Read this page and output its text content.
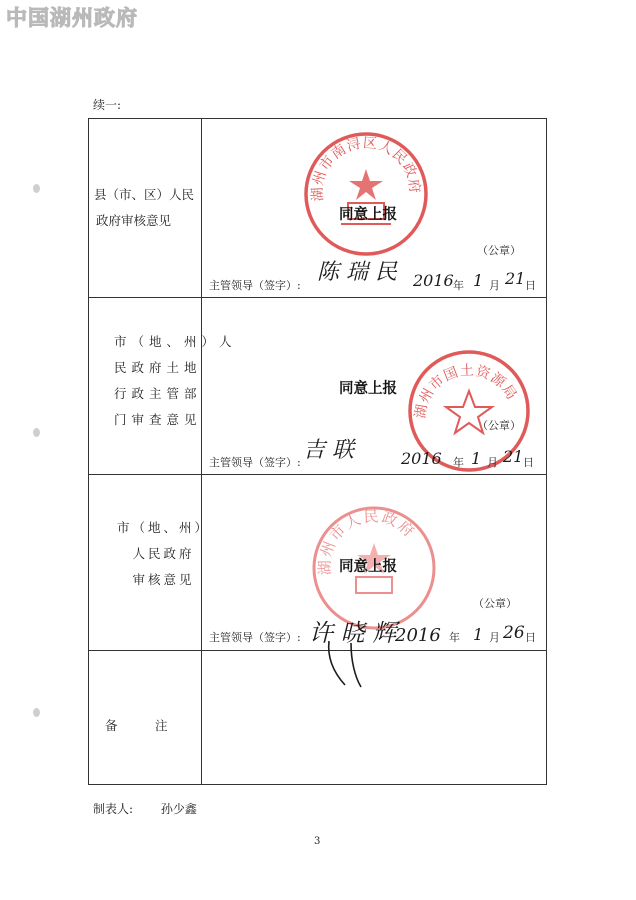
中国湖州政府
续一:
县（市、区）人民
政府审核意见
湖州市南浔区人民政府
同意上报
（公章）
主管领导（签字）:
陈 瑞 民 2016 年 1 月 21 日
市（地、州）人
民政府土地
行政主管部
门审查意见	湖州市国土资源局
同意上报
（公章）
主管领导（签字）: 吉 联	2016 年 1 月 21 日
市（地、州）
人民政府
审核意见
湖州市人民政府
同意上报
（公章）
主管领导（签字）: 许 晓 辉
2016 年 1 月 26 日
备　　　注
制表人: 孙少鑫
3
